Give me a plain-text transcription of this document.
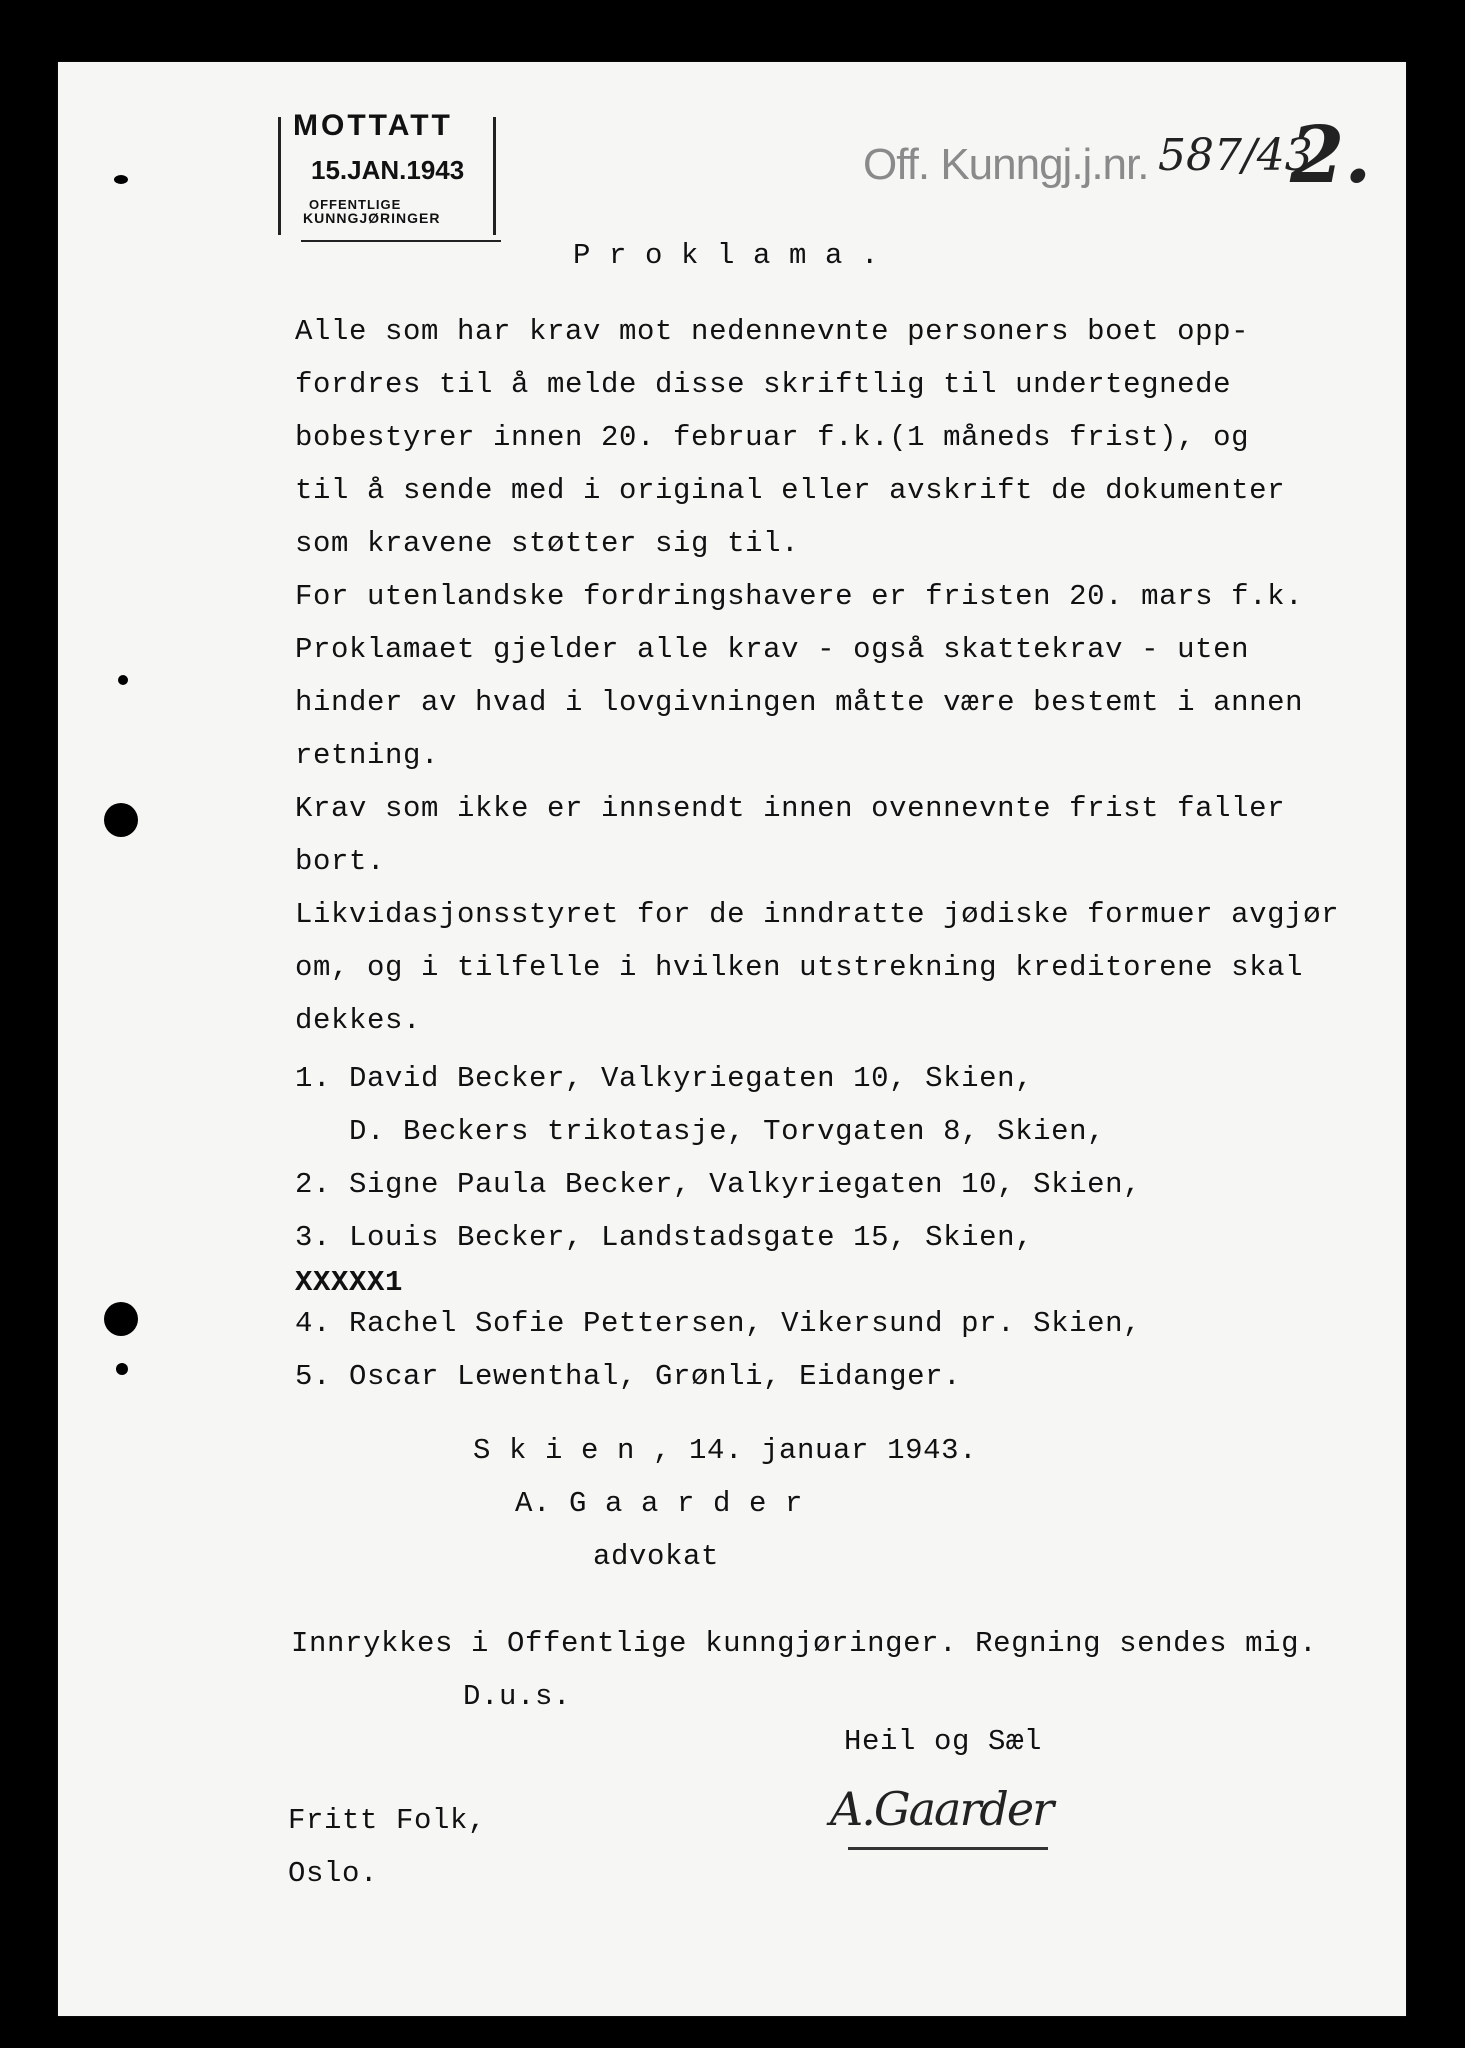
MOTTATT
15.JAN.1943
OFFENTLIGE
KUNNGJØRINGER
Off. Kunngj.j.nr. 587/43
2.
P r o k l a m a .
Alle som har krav mot nedennevnte personers boet opp-
fordres til å melde disse skriftlig til undertegnede
bobestyrer innen 20. februar f.k.(1 måneds frist), og
til å sende med i original eller avskrift de dokumenter
som kravene støtter sig til.
For utenlandske fordringshavere er fristen 20. mars f.k.
Proklamaet gjelder alle krav - også skattekrav - uten
hinder av hvad i lovgivningen måtte være bestemt i annen
retning.
Krav som ikke er innsendt innen ovennevnte frist faller
bort.
Likvidasjonsstyret for de inndratte jødiske formuer avgjør
om, og i tilfelle i hvilken utstrekning kreditorene skal
dekkes.
1. David Becker, Valkyriegaten 10, Skien,
D. Beckers trikotasje, Torvgaten 8, Skien,
2. Signe Paula Becker, Valkyriegaten 10, Skien,
3. Louis Becker, Landstadsgate 15, Skien,
XXXXX1
4. Rachel Sofie Pettersen, Vikersund pr. Skien,
5. Oscar Lewenthal, Grønli, Eidanger.
S k i e n , 14. januar 1943.
A. G a a r d e r
advokat
Innrykkes i Offentlige kunngjøringer. Regning sendes mig.
D.u.s.
Heil og Sæl
A.Gaarder
Fritt Folk,
Oslo.
